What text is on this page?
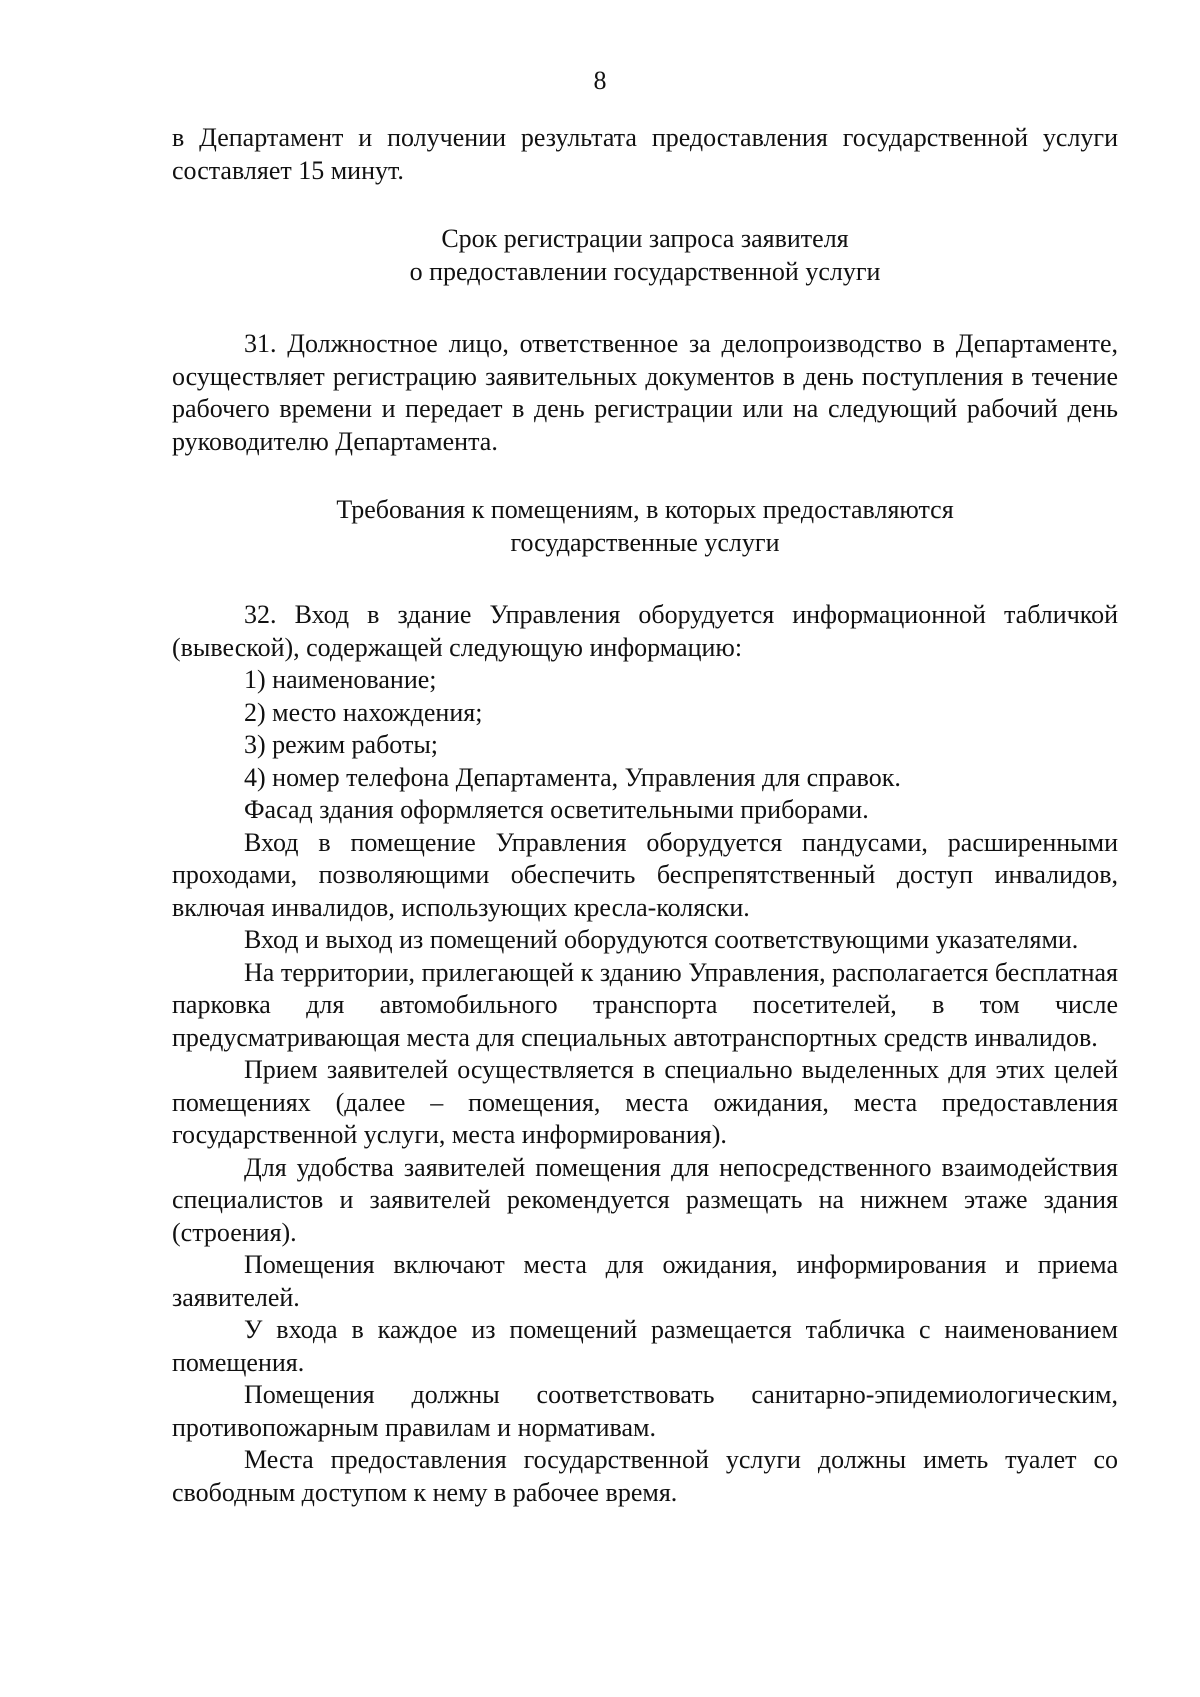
8

в Департамент и получении результата предоставления государственной услуги составляет 15 минут.

Срок регистрации запроса заявителя
о предоставлении государственной услуги

31. Должностное лицо, ответственное за делопроизводство в Департаменте, осуществляет регистрацию заявительных документов в день поступления в течение рабочего времени и передает в день регистрации или на следующий рабочий день руководителю Департамента.

Требования к помещениям, в которых предоставляются
государственные услуги

32. Вход в здание Управления оборудуется информационной табличкой (вывеской), содержащей следующую информацию:

1) наименование;

2) место нахождения;

3) режим работы;

4) номер телефона Департамента, Управления для справок.

Фасад здания оформляется осветительными приборами.

Вход в помещение Управления оборудуется пандусами, расширенными проходами, позволяющими обеспечить беспрепятственный доступ инвалидов, включая инвалидов, использующих кресла-коляски.

Вход и выход из помещений оборудуются соответствующими указателями.

На территории, прилегающей к зданию Управления, располагается бесплатная парковка для автомобильного транспорта посетителей, в том числе предусматривающая места для специальных автотранспортных средств инвалидов.

Прием заявителей осуществляется в специально выделенных для этих целей помещениях (далее – помещения, места ожидания, места предоставления государственной услуги, места информирования).

Для удобства заявителей помещения для непосредственного взаимодействия специалистов и заявителей рекомендуется размещать на нижнем этаже здания (строения).

Помещения включают места для ожидания, информирования и приема заявителей.

У входа в каждое из помещений размещается табличка с наименованием помещения.

Помещения должны соответствовать санитарно-эпидемиологическим, противопожарным правилам и нормативам.

Места предоставления государственной услуги должны иметь туалет со свободным доступом к нему в рабочее время.
